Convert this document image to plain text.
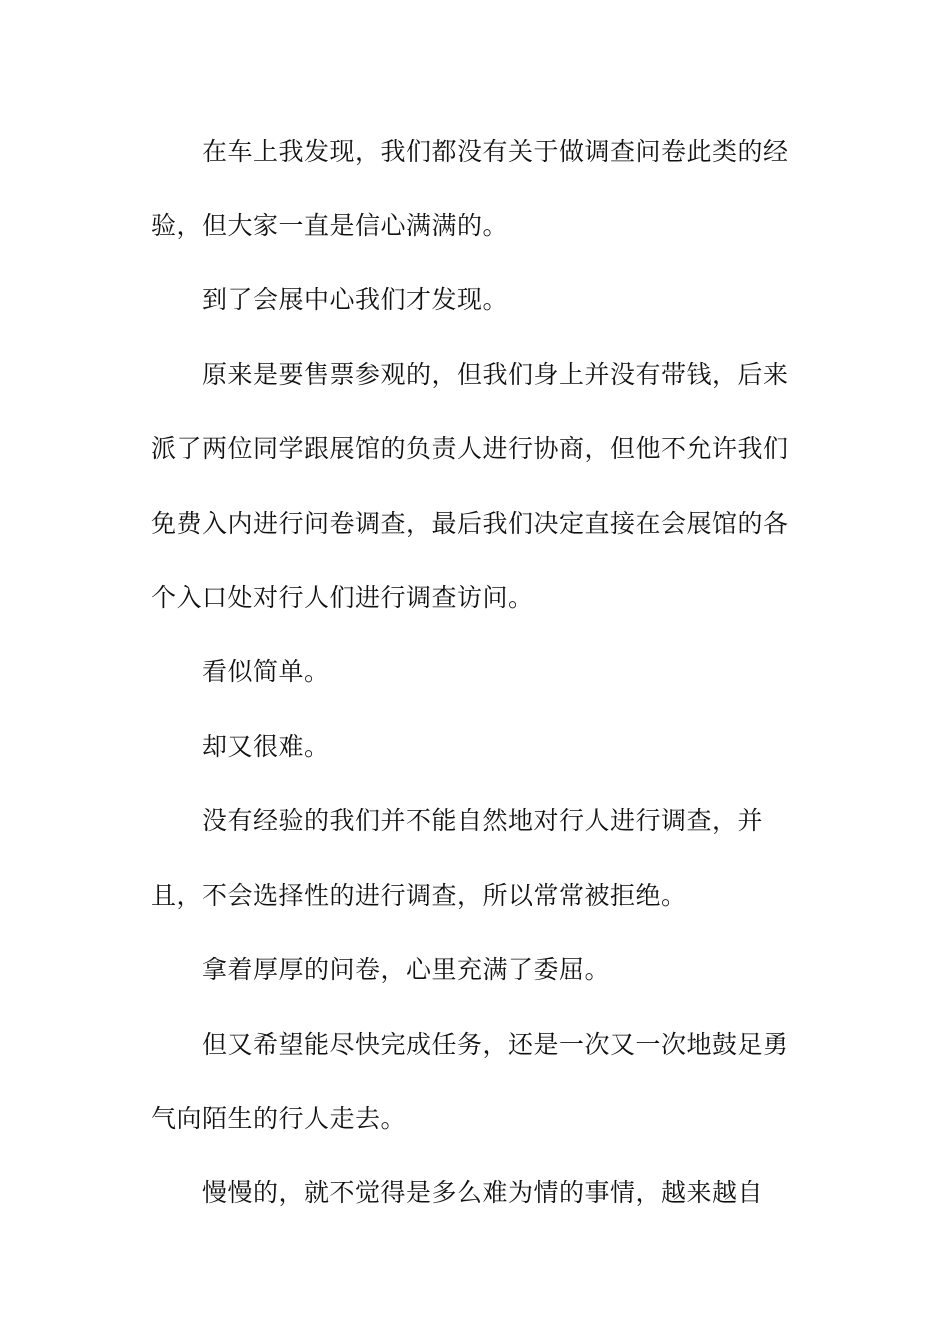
在车上我发现，我们都没有关于做调查问卷此类的经
验，但大家一直是信心满满的。
到了会展中心我们才发现。
原来是要售票参观的，但我们身上并没有带钱，后来
派了两位同学跟展馆的负责人进行协商，但他不允许我们
免费入内进行问卷调查，最后我们决定直接在会展馆的各
个入口处对行人们进行调查访问。
看似简单。
却又很难。
没有经验的我们并不能自然地对行人进行调查，并
且，不会选择性的进行调查，所以常常被拒绝。
拿着厚厚的问卷，心里充满了委屈。
但又希望能尽快完成任务，还是一次又一次地鼓足勇
气向陌生的行人走去。
慢慢的，就不觉得是多么难为情的事情，越来越自
